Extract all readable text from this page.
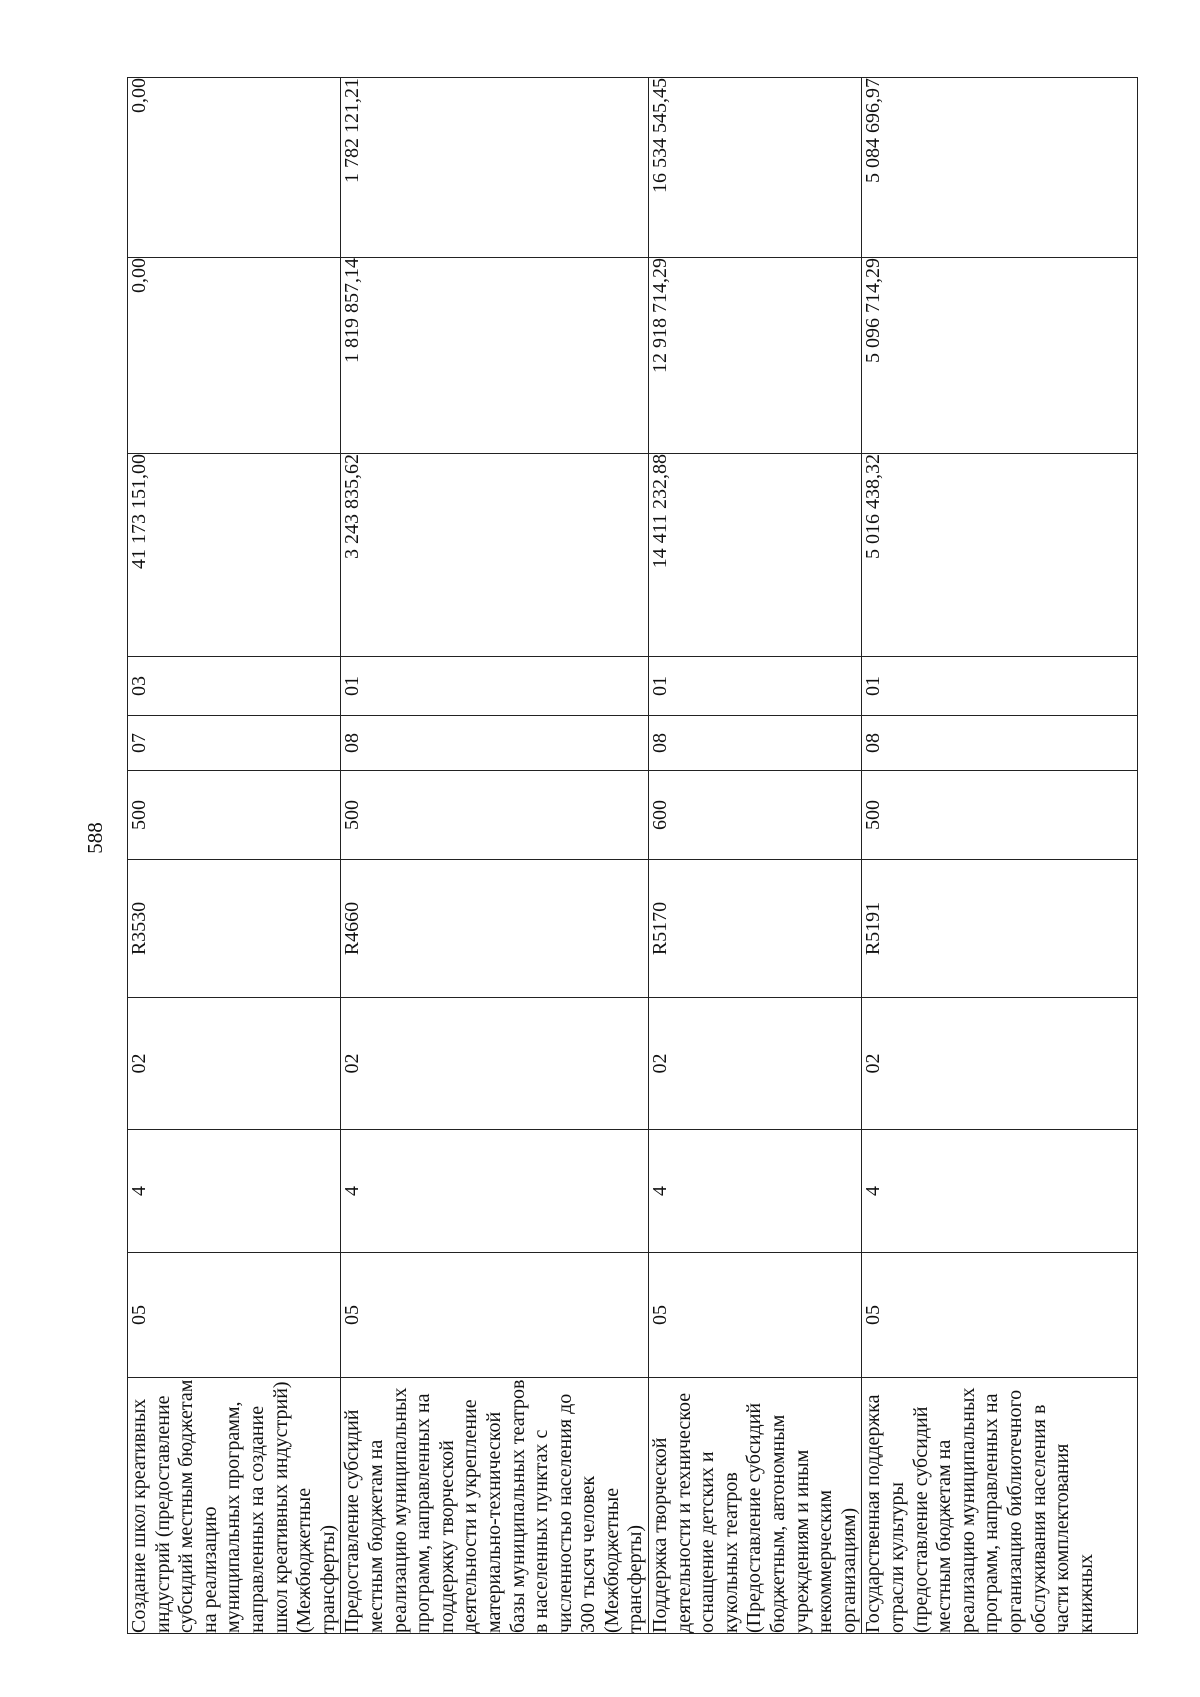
588
Создание школ креативных индустрий (предоставление субсидий местным бюджетам на реализацию муниципальных программ, направленных на создание школ креативных индустрий) (Межбюджетные трансферты)	05	4	02	R3530	500	07	03	41 173 151,00	0,00	0,00
Предоставление субсидий местным бюджетам на реализацию муниципальных программ, направленных на поддержку творческой деятельности и укрепление материально-технической базы муниципальных театров в населенных пунктах с численностью населения до 300 тысяч человек (Межбюджетные трансферты)	05	4	02	R4660	500	08	01	3 243 835,62	1 819 857,14	1 782 121,21
Поддержка творческой деятельности и техническое оснащение детских и кукольных театров (Предоставление субсидий бюджетным, автономным учреждениям и иным некоммерческим организациям)	05	4	02	R5170	600	08	01	14 411 232,88	12 918 714,29	16 534 545,45
Государственная поддержка отрасли культуры (предоставление субсидий местным бюджетам на реализацию муниципальных программ, направленных на организацию библиотечного обслуживания населения в части комплектования книжных	05	4	02	R5191	500	08	01	5 016 438,32	5 096 714,29	5 084 696,97
